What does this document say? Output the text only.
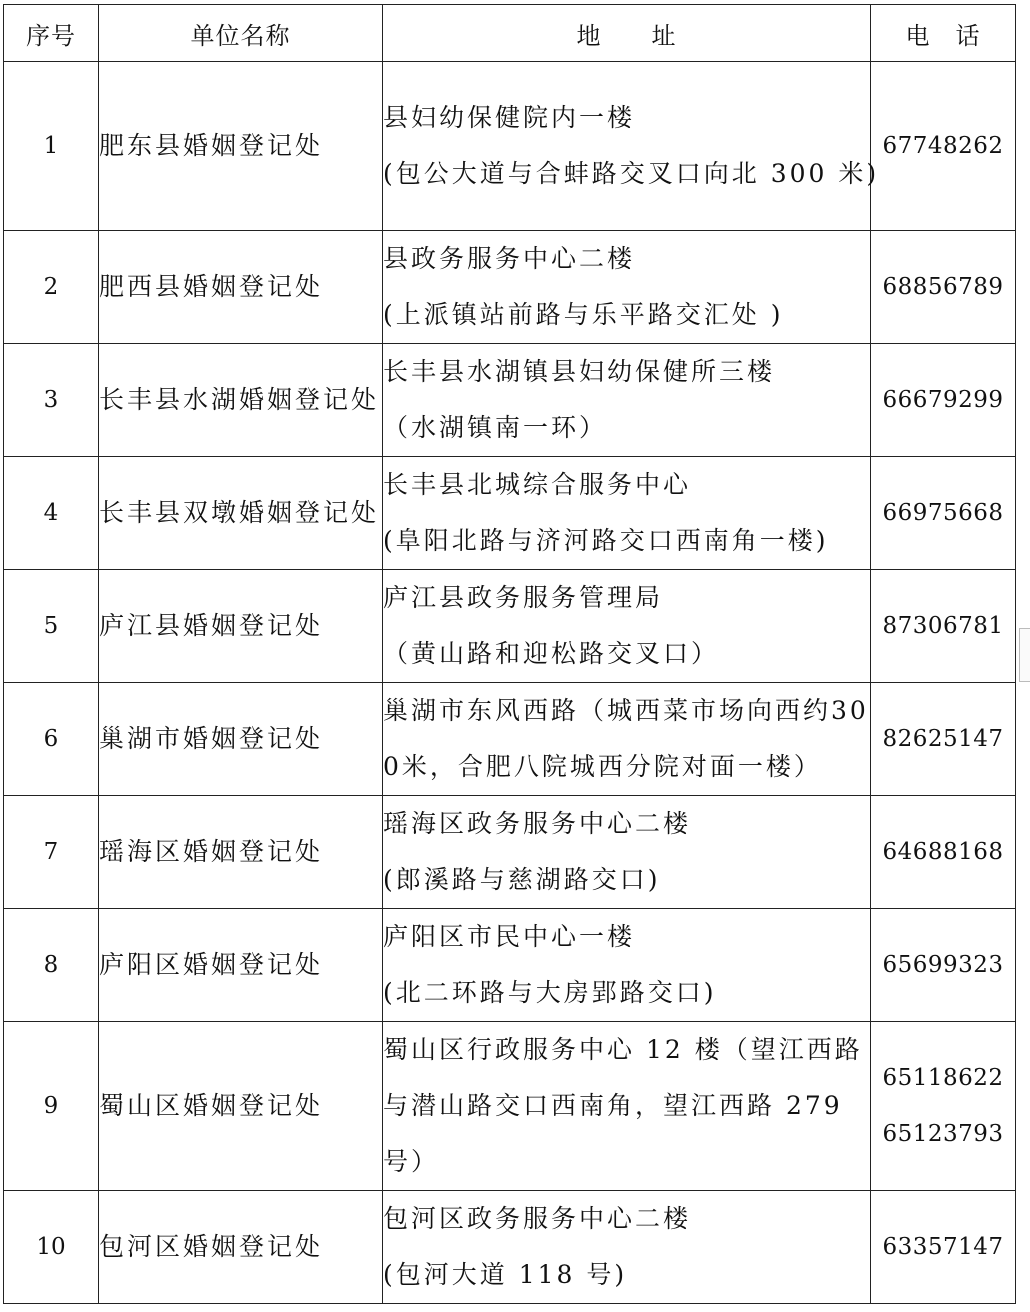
序号	单位名称	地　　址	电　话
1	肥东县婚姻登记处	县妇幼保健院内一楼
(包公大道与合蚌路交叉口向北 300 米)	67748262

2	肥西县婚姻登记处	县政务服务中心二楼
(上派镇站前路与乐平路交汇处 )	68856789

3	长丰县水湖婚姻登记处	长丰县水湖镇县妇幼保健所三楼
（水湖镇南一环）	66679299

4	长丰县双墩婚姻登记处	长丰县北城综合服务中心
(阜阳北路与济河路交口西南角一楼)	66975668

5	庐江县婚姻登记处	庐江县政务服务管理局
（黄山路和迎松路交叉口）	87306781

6	巢湖市婚姻登记处	巢湖市东风西路（城西菜市场向西约300米，合肥八院城西分院对面一楼）	82625147

7	瑶海区婚姻登记处	瑶海区政务服务中心二楼
(郎溪路与慈湖路交口)	64688168

8	庐阳区婚姻登记处	庐阳区市民中心一楼
(北二环路与大房郢路交口)	65699323

9	蜀山区婚姻登记处	蜀山区行政服务中心 12 楼（望江西路与潜山路交口西南角，望江西路 279 号）	65118622
65123793

10	包河区婚姻登记处	包河区政务服务中心二楼
(包河大道 118 号)	63357147
